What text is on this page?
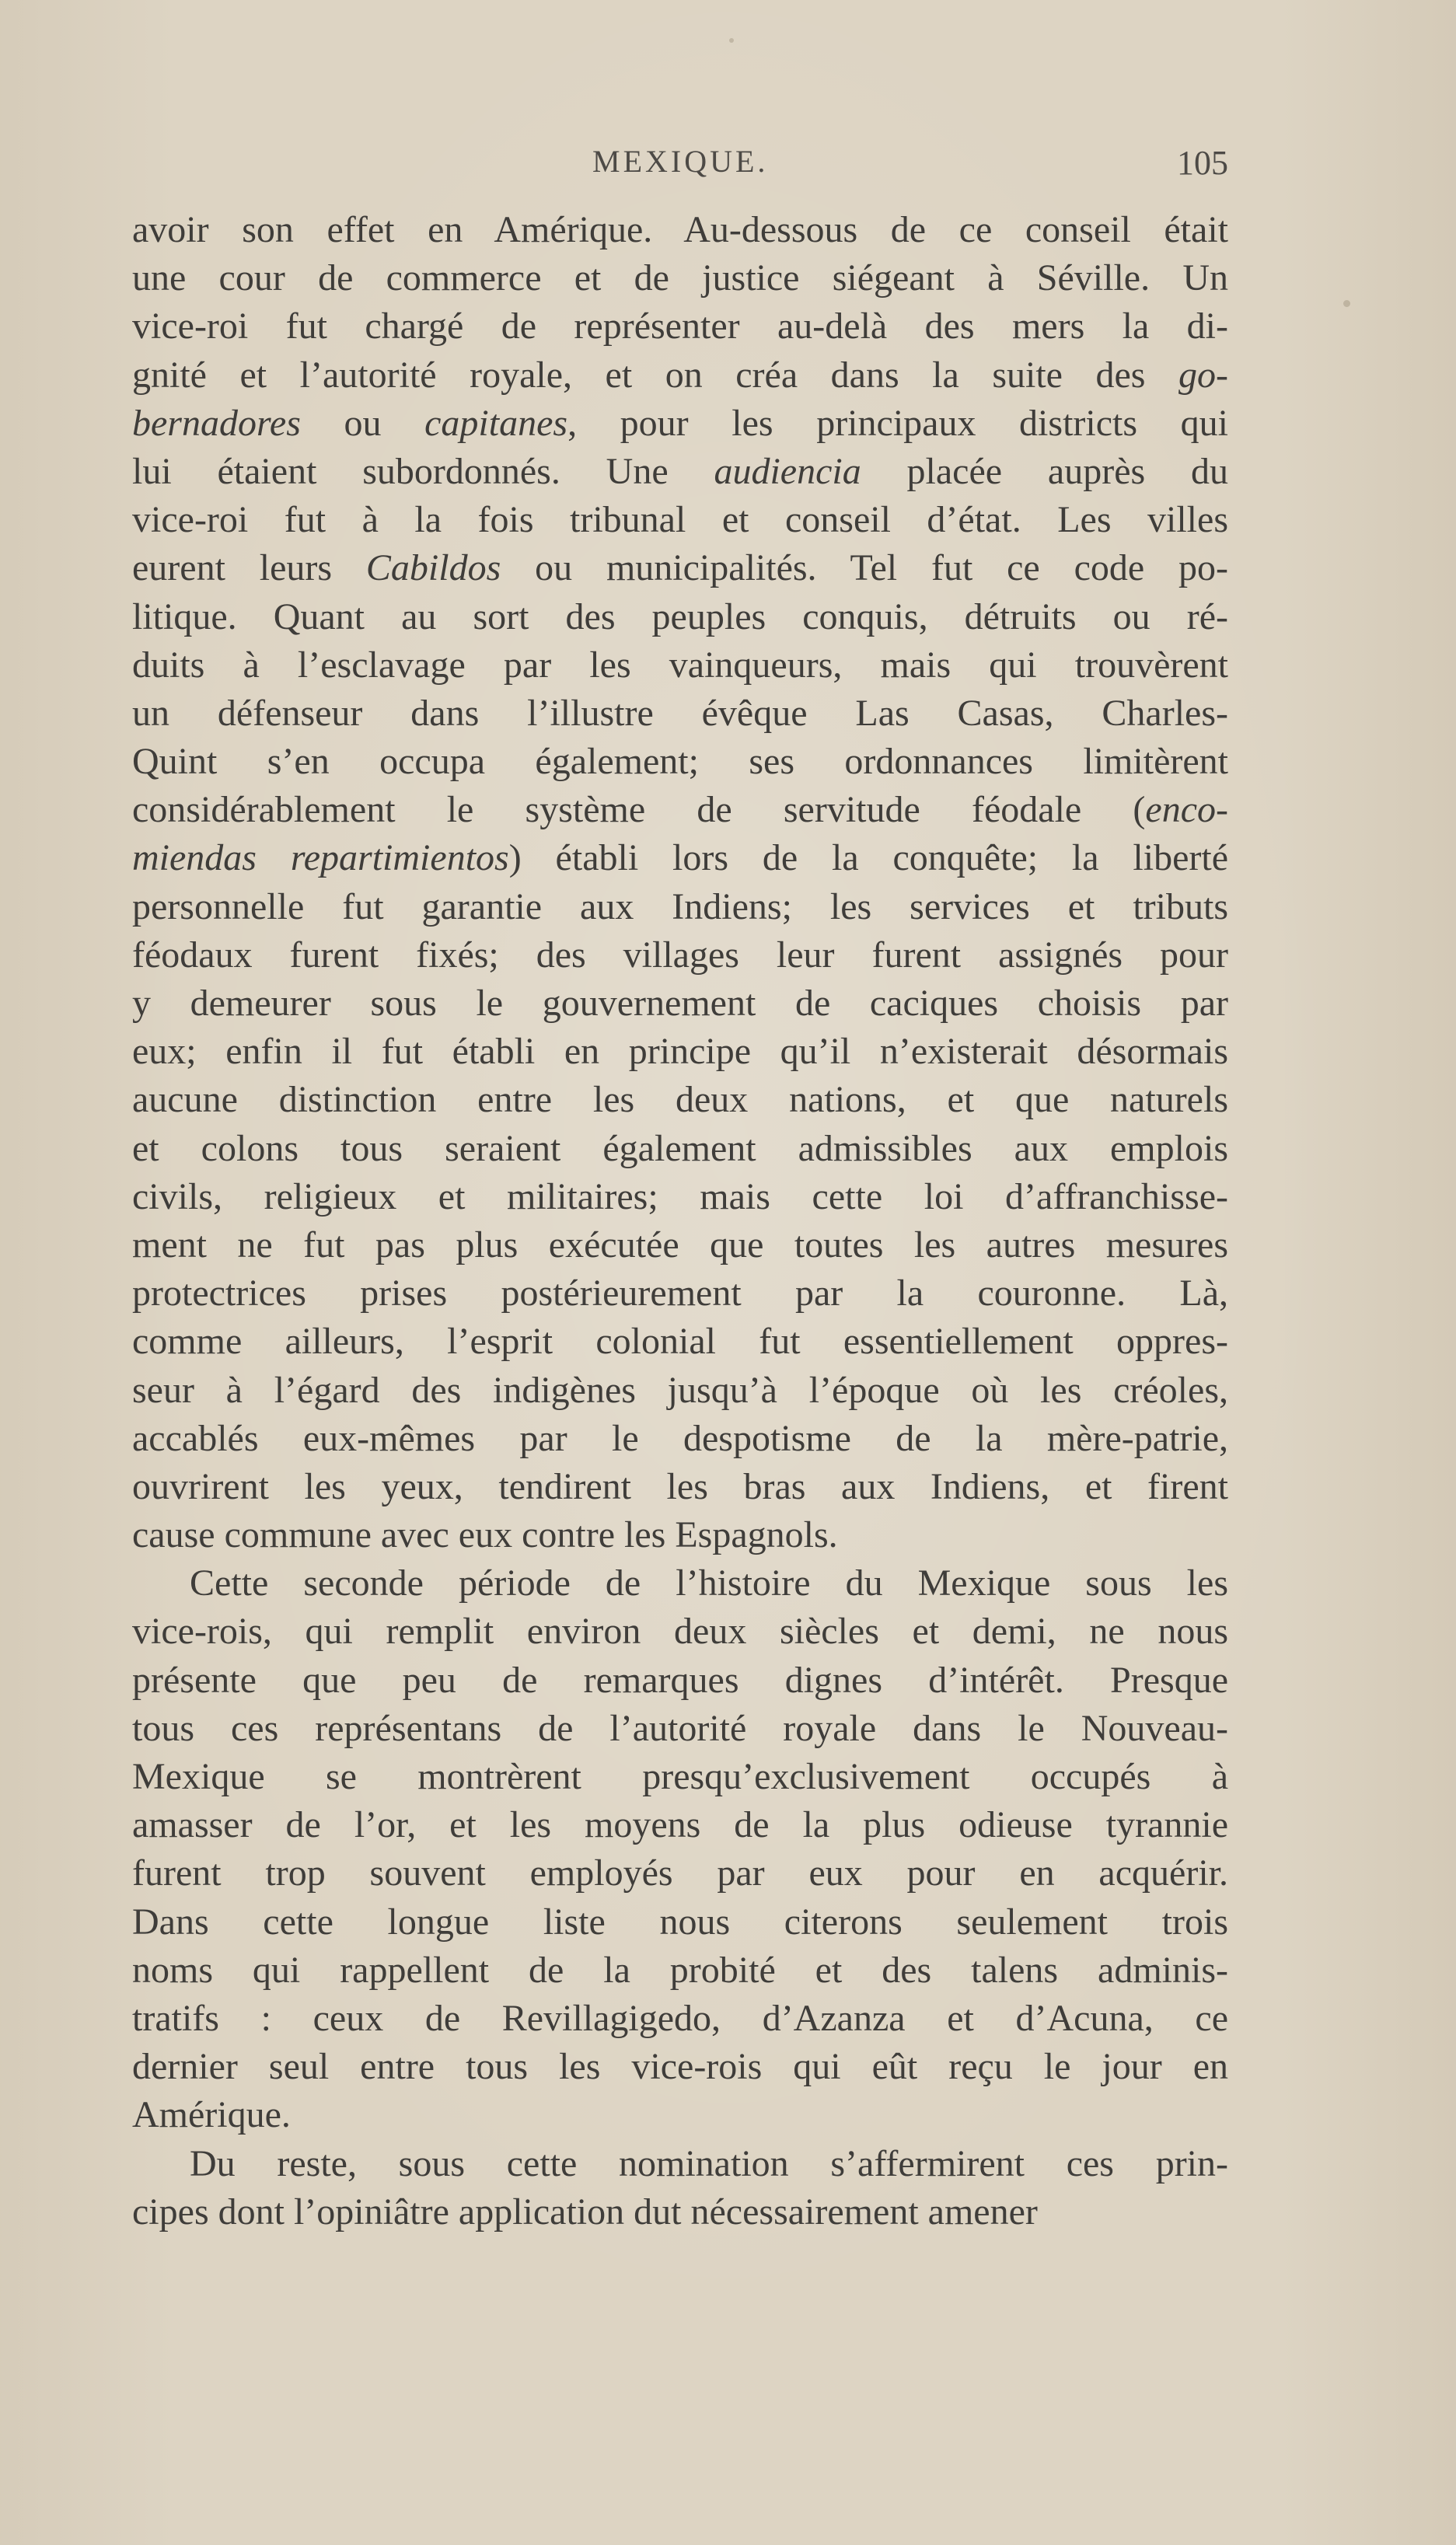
MEXIQUE.	105
avoir son effet en Amérique. Au-dessous de ce conseil était
une cour de commerce et de justice siégeant à Séville. Un
vice-roi fut chargé de représenter au-delà des mers la di-
gnité et l’autorité royale, et on créa dans la suite des go-
bernadores ou capitanes, pour les principaux districts qui
lui étaient subordonnés. Une audiencia placée auprès du
vice-roi fut à la fois tribunal et conseil d’état. Les villes
eurent leurs Cabildos ou municipalités. Tel fut ce code po-
litique. Quant au sort des peuples conquis, détruits ou ré-
duits à l’esclavage par les vainqueurs, mais qui trouvèrent
un défenseur dans l’illustre évêque Las Casas, Charles-
Quint s’en occupa également; ses ordonnances limitèrent
considérablement le système de servitude féodale (enco-
miendas repartimientos) établi lors de la conquête; la liberté
personnelle fut garantie aux Indiens; les services et tributs
féodaux furent fixés; des villages leur furent assignés pour
y demeurer sous le gouvernement de caciques choisis par
eux; enfin il fut établi en principe qu’il n’existerait désormais
aucune distinction entre les deux nations, et que naturels
et colons tous seraient également admissibles aux emplois
civils, religieux et militaires; mais cette loi d’affranchisse-
ment ne fut pas plus exécutée que toutes les autres mesures
protectrices prises postérieurement par la couronne. Là,
comme ailleurs, l’esprit colonial fut essentiellement oppres-
seur à l’égard des indigènes jusqu’à l’époque où les créoles,
accablés eux-mêmes par le despotisme de la mère-patrie,
ouvrirent les yeux, tendirent les bras aux Indiens, et firent
cause commune avec eux contre les Espagnols.
Cette seconde période de l’histoire du Mexique sous les
vice-rois, qui remplit environ deux siècles et demi, ne nous
présente que peu de remarques dignes d’intérêt. Presque
tous ces représentans de l’autorité royale dans le Nouveau-
Mexique se montrèrent presqu’exclusivement occupés à
amasser de l’or, et les moyens de la plus odieuse tyrannie
furent trop souvent employés par eux pour en acquérir.
Dans cette longue liste nous citerons seulement trois
noms qui rappellent de la probité et des talens adminis-
tratifs : ceux de Revillagigedo, d’Azanza et d’Acuna, ce
dernier seul entre tous les vice-rois qui eût reçu le jour en
Amérique.
Du reste, sous cette nomination s’affermirent ces prin-
cipes dont l’opiniâtre application dut nécessairement amener
